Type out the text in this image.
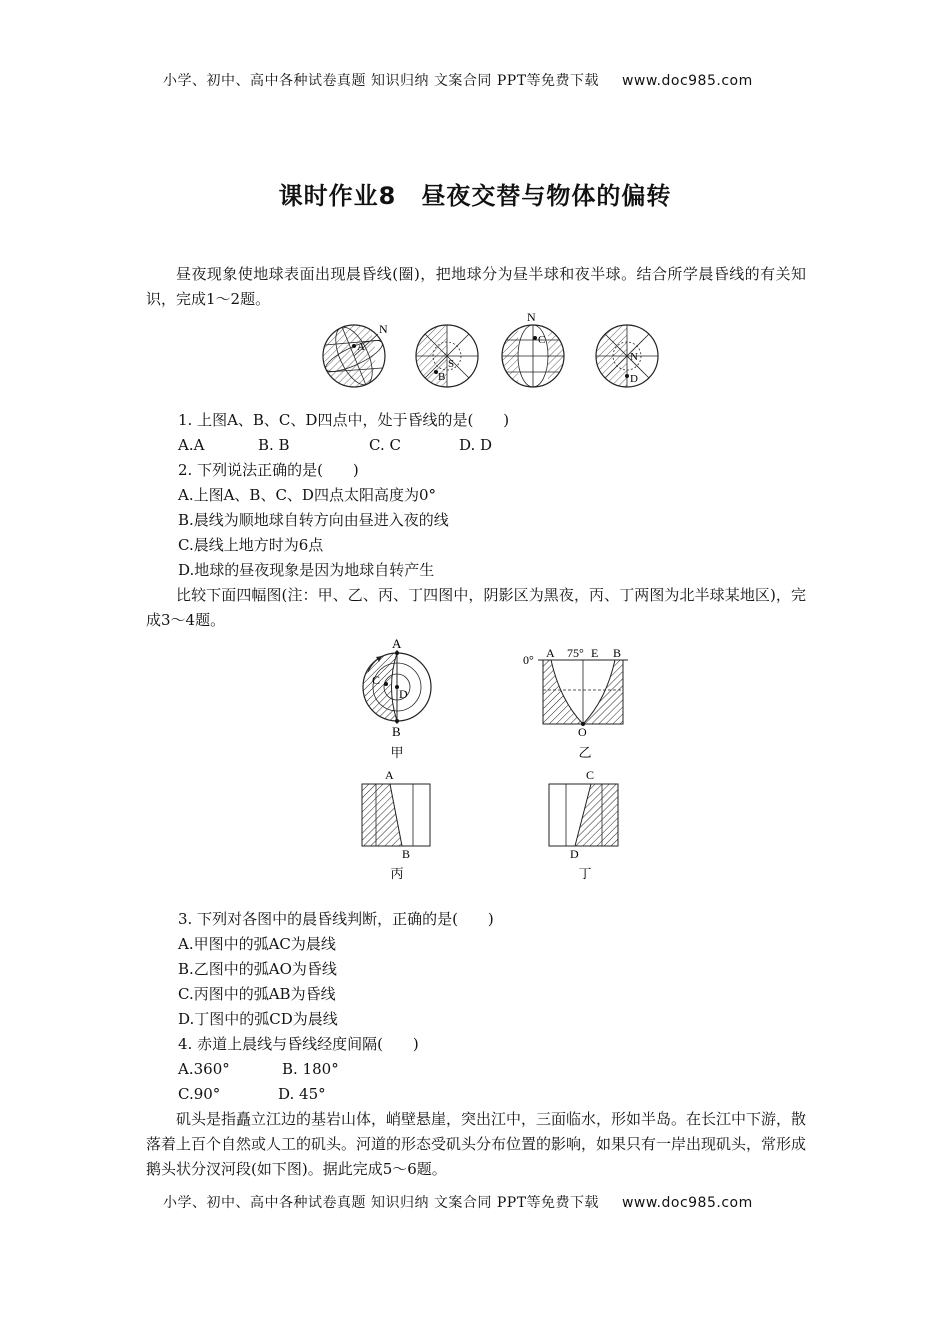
小学、初中、高中各种试卷真题 知识归纳 文案合同 PPT等免费下载 www.doc985.com
课时作业8　昼夜交替与物体的偏转
昼夜现象使地球表面出现晨昏线(圈)，把地球分为昼半球和夜半球。结合所学晨昏线的有关知识，完成1～2题。
N
A
S
B
N
C
N
D
1. 上图A、B、C、D四点中，处于昏线的是(　　)
A.A	B. B	C. C	D. D
2. 下列说法正确的是(　　)
A.上图A、B、C、D四点太阳高度为0°
B.晨线为顺地球自转方向由昼进入夜的线
C.晨线上地方时为6点
D.地球的昼夜现象是因为地球自转产生
比较下面四幅图(注：甲、乙、丙、丁四图中，阴影区为黑夜，丙、丁两图为北半球某地区)，完成3～4题。
A
B
C
D
甲
0° A 75° E B
O
乙
A
B
丙
C
D
丁
3. 下列对各图中的晨昏线判断，正确的是(　　)
A.甲图中的弧AC为晨线
B.乙图中的弧AO为昏线
C.丙图中的弧AB为昏线
D.丁图中的弧CD为晨线
4. 赤道上晨线与昏线经度间隔(　　)
A.360°	B. 180°
C.90°	D. 45°
矶头是指矗立江边的基岩山体，峭壁悬崖，突出江中，三面临水，形如半岛。在长江中下游，散落着上百个自然或人工的矶头。河道的形态受矶头分布位置的影响，如果只有一岸出现矶头，常形成鹅头状分汊河段(如下图)。据此完成5～6题。
小学、初中、高中各种试卷真题 知识归纳 文案合同 PPT等免费下载 www.doc985.com
